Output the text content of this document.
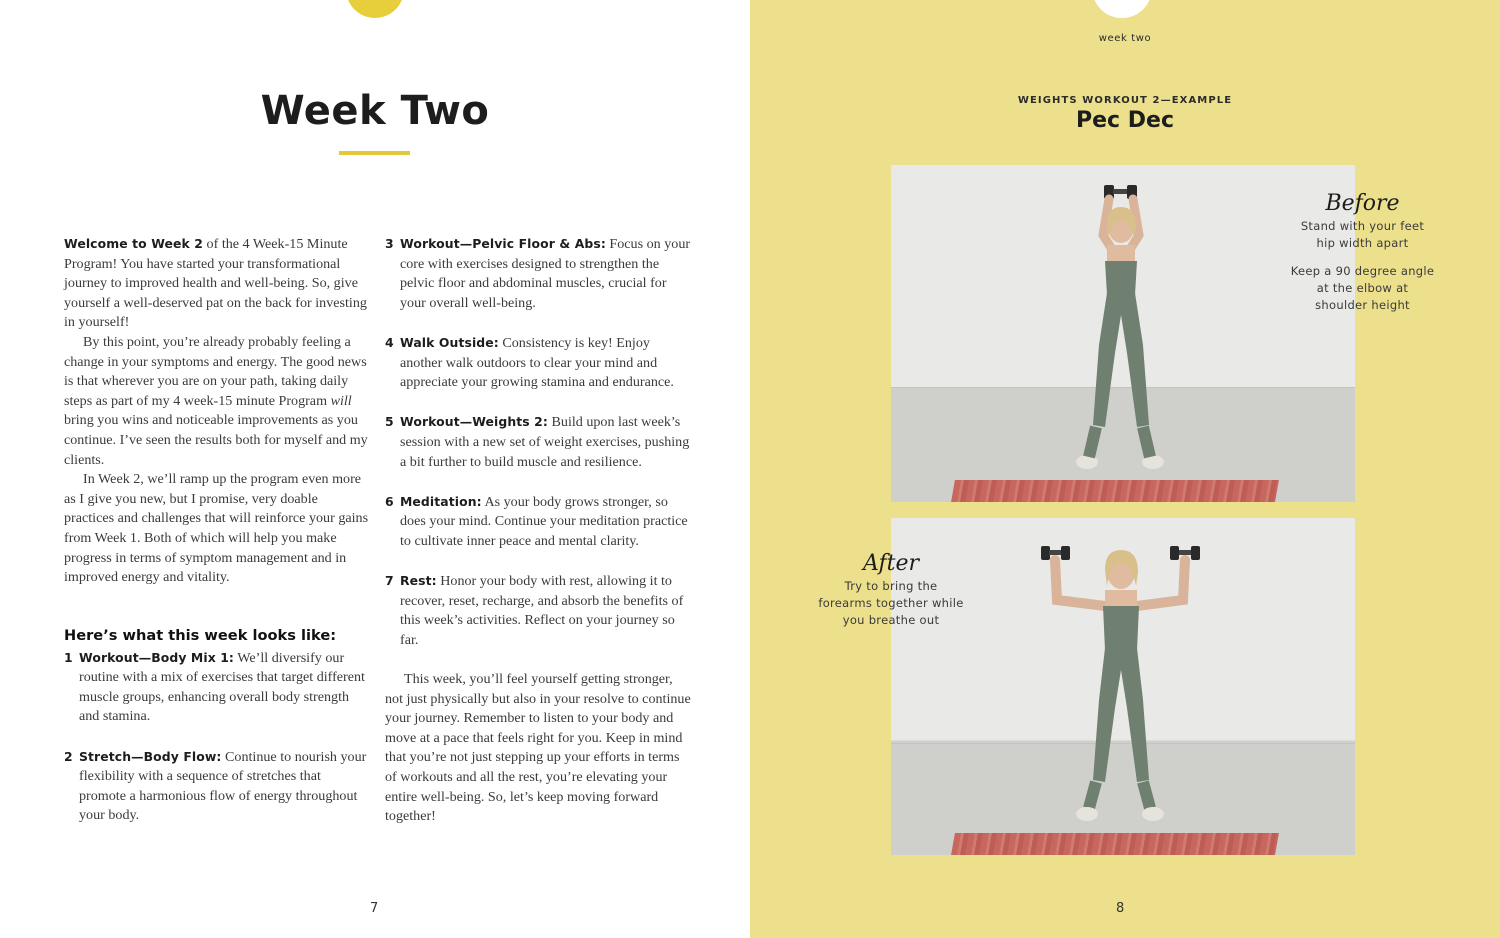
Week Two

Welcome to Week 2 of the 4 Week-15 Minute Program! You have started your transformational journey to improved health and well-being. So, give yourself a well-deserved pat on the back for investing in yourself!

By this point, you’re already probably feeling a change in your symptoms and energy. The good news is that wherever you are on your path, taking daily steps as part of my 4 week-15 minute Program will bring you wins and noticeable improvements as you continue. I’ve seen the results both for myself and my clients.

In Week 2, we’ll ramp up the program even more as I give you new, but I promise, very doable practices and challenges that will reinforce your gains from Week 1. Both of which will help you make progress in terms of symptom management and in improved energy and vitality.

Here’s what this week looks like:
1 Workout—Body Mix 1: We’ll diversify our routine with a mix of exercises that target different muscle groups, enhancing overall body strength and stamina.
2 Stretch—Body Flow: Continue to nourish your flexibility with a sequence of stretches that promote a harmonious flow of energy throughout your body.
3 Workout—Pelvic Floor & Abs: Focus on your core with exercises designed to strengthen the pelvic floor and abdominal muscles, crucial for your overall well-being.
4 Walk Outside: Consistency is key! Enjoy another walk outdoors to clear your mind and appreciate your growing stamina and endurance.
5 Workout—Weights 2: Build upon last week’s session with a new set of weight exercises, pushing a bit further to build muscle and resilience.
6 Meditation: As your body grows stronger, so does your mind. Continue your meditation practice to cultivate inner peace and mental clarity.
7 Rest: Honor your body with rest, allowing it to recover, reset, recharge, and absorb the benefits of this week’s activities. Reflect on your journey so far.

This week, you’ll feel yourself getting stronger, not just physically but also in your resolve to continue your journey. Remember to listen to your body and move at a pace that feels right for you. Keep in mind that you’re not just stepping up your efforts in terms of workouts and all the rest, you’re elevating your entire well-being. So, let’s keep moving forward together!

7
week two
WEIGHTS WORKOUT 2—EXAMPLE
Pec Dec
Before
Stand with your feet hip width apart
Keep a 90 degree angle at the elbow at shoulder height
After
Try to bring the forearms together while you breathe out
8
